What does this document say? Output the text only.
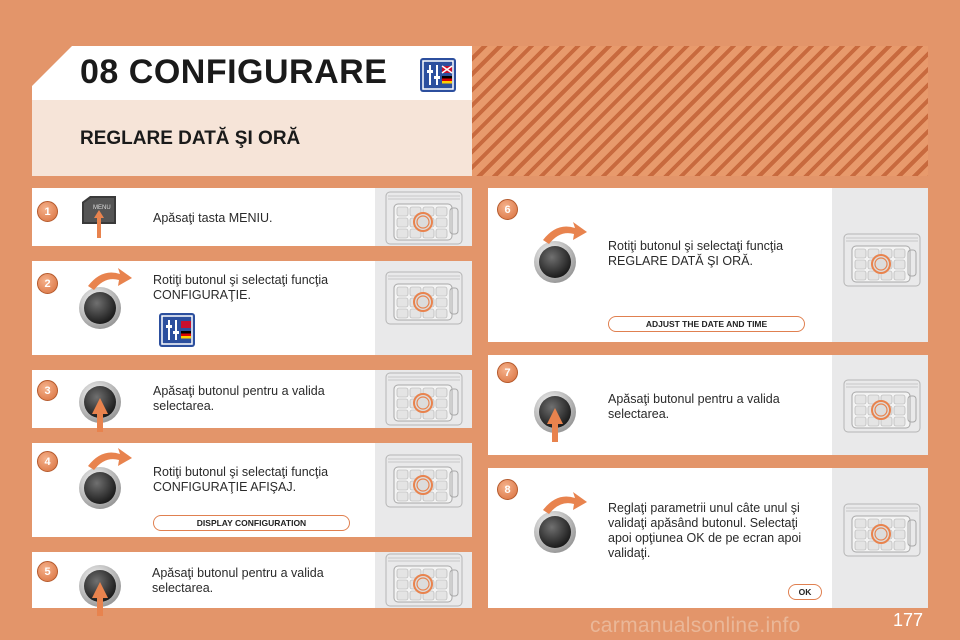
08 CONFIGURARE
REGLARE DATĂ ŞI ORĂ
1	MENU
Apăsaţi tasta MENIU.
2	Rotiţi butonul şi selectaţi funcţia
CONFIGURAŢIE.
3	Apăsaţi butonul pentru a valida
selectarea.
4
Rotiţi butonul şi selectaţi funcţia
CONFIGURAŢIE AFIŞAJ.
DISPLAY CONFIGURATION
5	Apăsaţi butonul pentru a valida
selectarea.
6
Rotiţi butonul şi selectaţi funcţia
REGLARE DATĂ ŞI ORĂ.
ADJUST THE DATE AND TIME
7
Apăsaţi butonul pentru a valida
selectarea.
8
Reglaţi parametrii unul câte unul şi
validaţi apăsând butonul. Selectaţi
apoi opţiunea OK de pe ecran apoi
validaţi.
OK
carmanualsonline.info	177
